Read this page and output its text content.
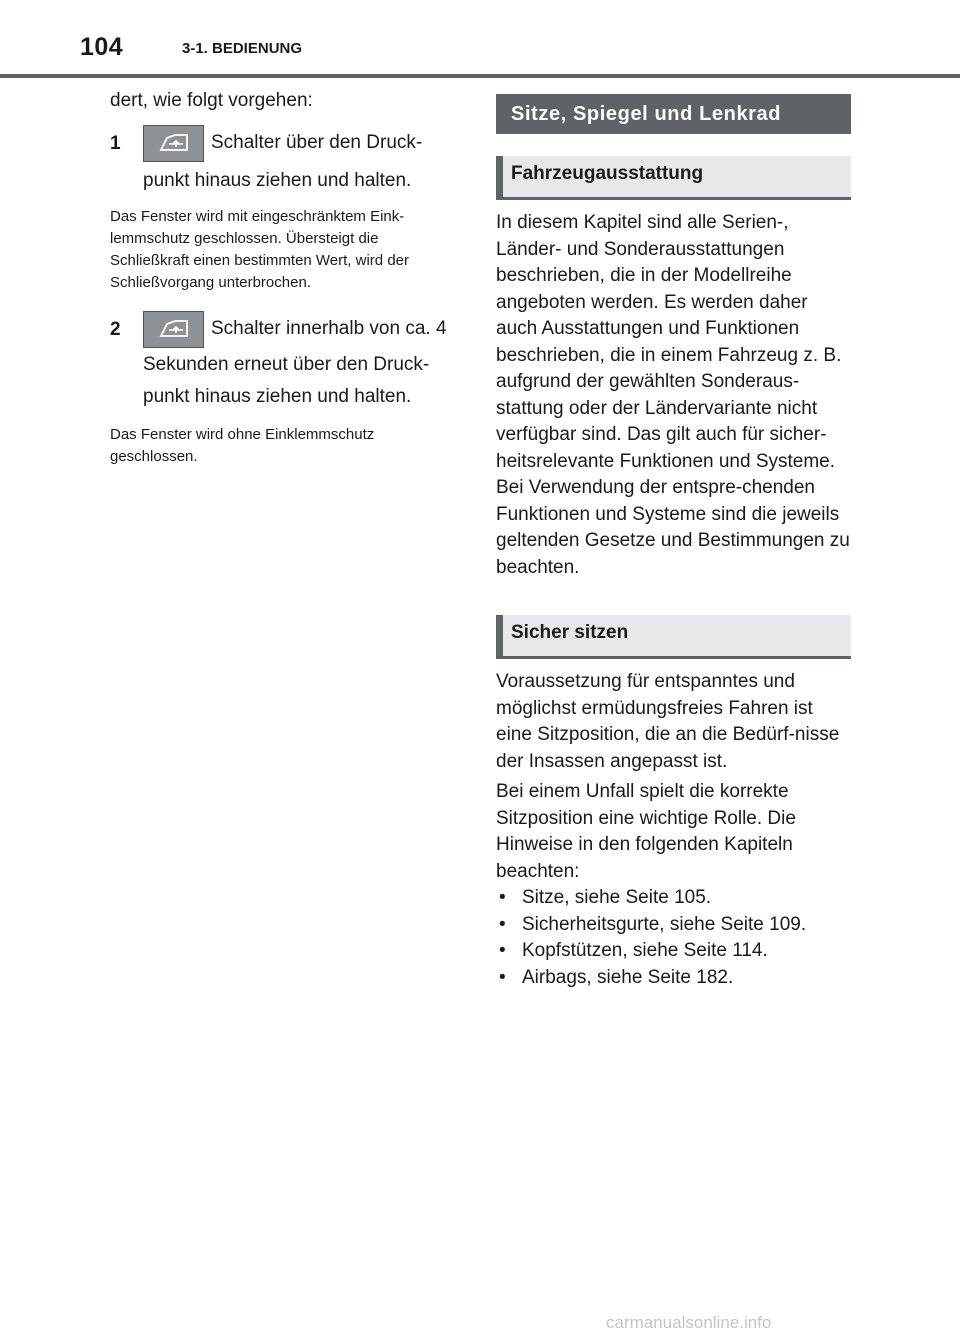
104	3-1. BEDIENUNG

dert, wie folgt vorgehen:

1	Schalter über den Druck-
punkt hinaus ziehen und halten.

Das Fenster wird mit eingeschränktem Eink-lemmschutz geschlossen. Übersteigt die Schließkraft einen bestimmten Wert, wird der Schließvorgang unterbrochen.

2	Schalter innerhalb von ca. 4
Sekunden erneut über den Druck-
punkt hinaus ziehen und halten.

Das Fenster wird ohne Einklemmschutz geschlossen.

Sitze, Spiegel und Lenkrad
Fahrzeugausstattung

In diesem Kapitel sind alle Serien-, Länder- und Sonderausstattungen beschrieben, die in der Modellreihe angeboten werden. Es werden daher auch Ausstattungen und Funktionen beschrieben, die in einem Fahrzeug z. B. aufgrund der gewählten Sonderaus-stattung oder der Ländervariante nicht verfügbar sind. Das gilt auch für sicher-heitsrelevante Funktionen und Systeme. Bei Verwendung der entspre-chenden Funktionen und Systeme sind die jeweils geltenden Gesetze und Bestimmungen zu beachten.

Sicher sitzen

Voraussetzung für entspanntes und möglichst ermüdungsfreies Fahren ist eine Sitzposition, die an die Bedürf-nisse der Insassen angepasst ist.

Bei einem Unfall spielt die korrekte Sitzposition eine wichtige Rolle. Die Hinweise in den folgenden Kapiteln beachten:

• Sitze, siehe Seite 105.
• Sicherheitsgurte, siehe Seite 109.
• Kopfstützen, siehe Seite 114.
• Airbags, siehe Seite 182.
carmanualsonline.info
